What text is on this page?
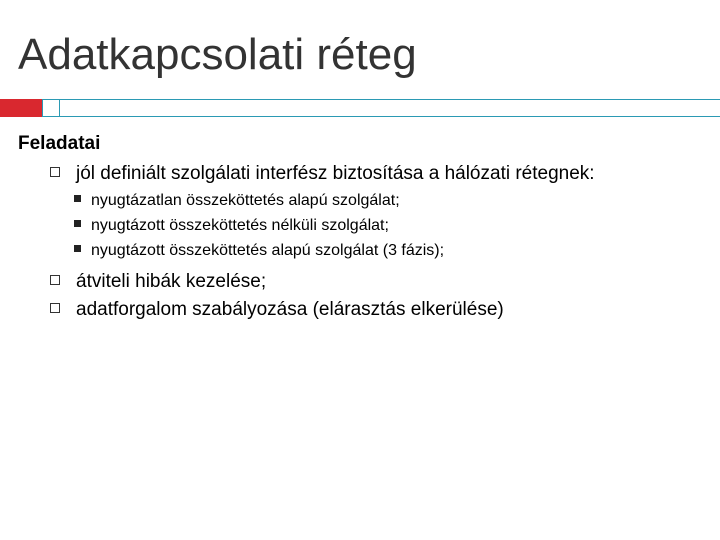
Adatkapcsolati réteg
Feladatai
jól definiált szolgálati interfész biztosítása a hálózati rétegnek:
nyugtázatlan összeköttetés alapú szolgálat;
nyugtázott összeköttetés nélküli szolgálat;
nyugtázott összeköttetés alapú szolgálat (3 fázis);
átviteli hibák kezelése;
adatforgalom szabályozása (elárasztás elkerülése)
